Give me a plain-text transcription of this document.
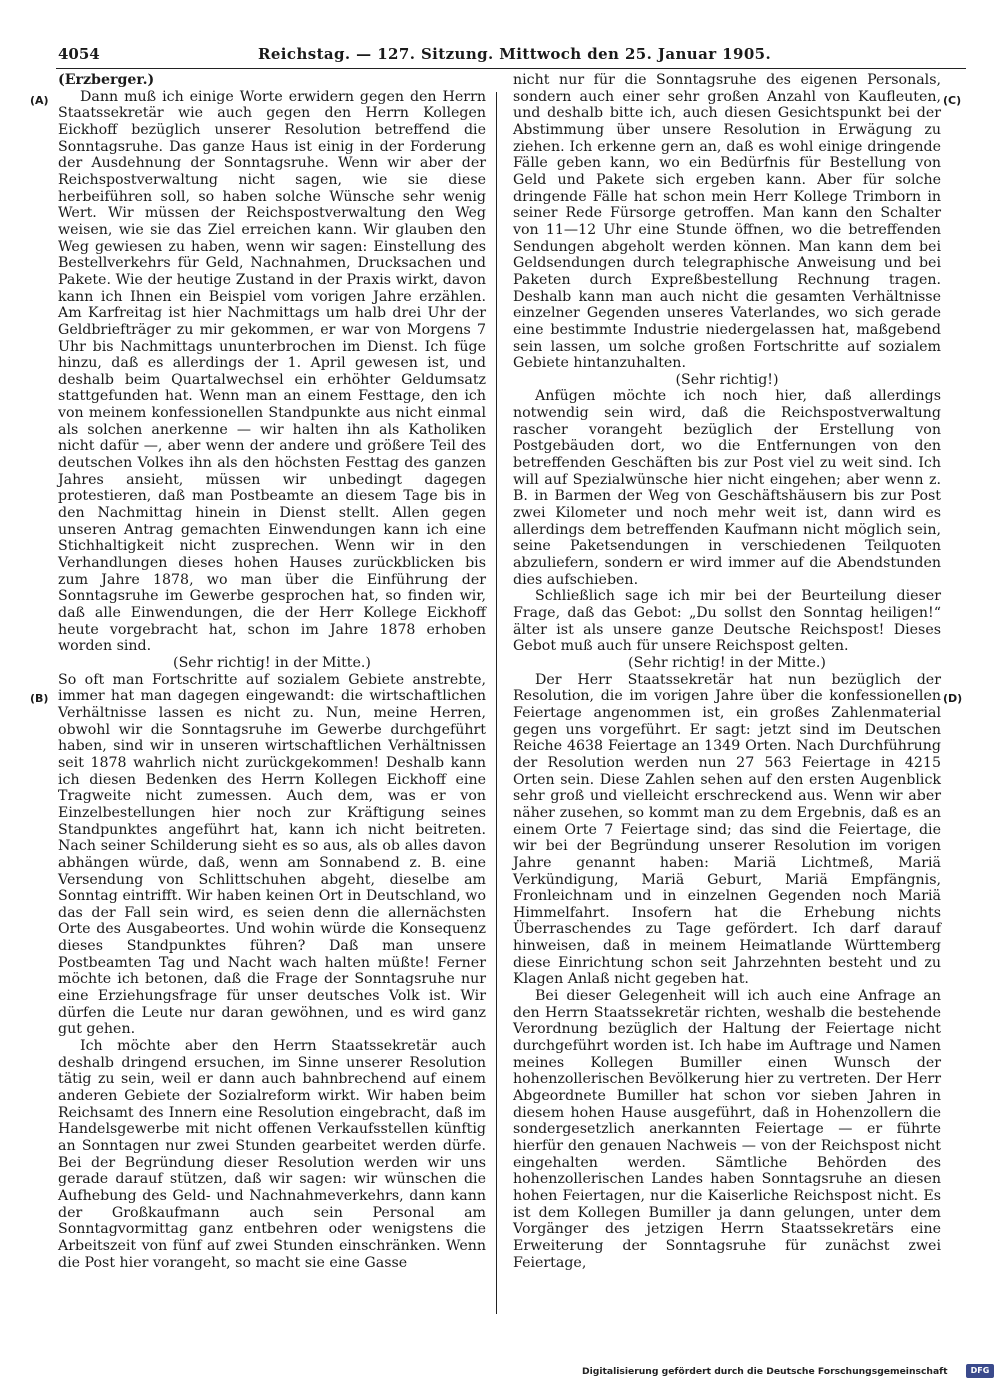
4054	Reichstag. — 127. Sitzung. Mittwoch den 25. Januar 1905.
(A)
(B)
(C)
(D)

(Erzberger.)

Dann muß ich einige Worte erwidern gegen den Herrn Staatssekretär wie auch gegen den Herrn Kollegen Eickhoff bezüglich unserer Resolution betreffend die Sonntagsruhe. Das ganze Haus ist einig in der Forderung der Ausdehnung der Sonntagsruhe. Wenn wir aber der Reichspostverwaltung nicht sagen, wie sie diese herbeiführen soll, so haben solche Wünsche sehr wenig Wert. Wir müssen der Reichspostverwaltung den Weg weisen, wie sie das Ziel erreichen kann. Wir glauben den Weg gewiesen zu haben, wenn wir sagen: Einstellung des Bestellverkehrs für Geld, Nachnahmen, Drucksachen und Pakete. Wie der heutige Zustand in der Praxis wirkt, davon kann ich Ihnen ein Beispiel vom vorigen Jahre erzählen. Am Karfreitag ist hier Nachmittags um halb drei Uhr der Geldbriefträger zu mir gekommen, er war von Morgens 7 Uhr bis Nachmittags ununterbrochen im Dienst. Ich füge hinzu, daß es allerdings der 1. April gewesen ist, und deshalb beim Quartalwechsel ein erhöhter Geldumsatz stattgefunden hat. Wenn man an einem Festtage, den ich von meinem konfessionellen Standpunkte aus nicht einmal als solchen anerkenne — wir halten ihn als Katholiken nicht dafür —, aber wenn der andere und größere Teil des deutschen Volkes ihn als den höchsten Festtag des ganzen Jahres ansieht, müssen wir unbedingt dagegen protestieren, daß man Postbeamte an diesem Tage bis in den Nachmittag hinein in Dienst stellt. Allen gegen unseren Antrag gemachten Einwendungen kann ich eine Stichhaltigkeit nicht zusprechen. Wenn wir in den Verhandlungen dieses hohen Hauses zurückblicken bis zum Jahre 1878, wo man über die Einführung der Sonntagsruhe im Gewerbe gesprochen hat, so finden wir, daß alle Einwendungen, die der Herr Kollege Eickhoff heute vorgebracht hat, schon im Jahre 1878 erhoben worden sind.

(Sehr richtig! in der Mitte.)

So oft man Fortschritte auf sozialem Gebiete anstrebte, immer hat man dagegen eingewandt: die wirtschaftlichen Verhältnisse lassen es nicht zu. Nun, meine Herren, obwohl wir die Sonntagsruhe im Gewerbe durchgeführt haben, sind wir in unseren wirtschaftlichen Verhältnissen seit 1878 wahrlich nicht zurückgekommen! Deshalb kann ich diesen Bedenken des Herrn Kollegen Eickhoff eine Tragweite nicht zumessen. Auch dem, was er von Einzelbestellungen hier noch zur Kräftigung seines Standpunktes angeführt hat, kann ich nicht beitreten. Nach seiner Schilderung sieht es so aus, als ob alles davon abhängen würde, daß, wenn am Sonnabend z. B. eine Versendung von Schlittschuhen abgeht, dieselbe am Sonntag eintrifft. Wir haben keinen Ort in Deutschland, wo das der Fall sein wird, es seien denn die allernächsten Orte des Ausgabeortes. Und wohin würde die Konsequenz dieses Standpunktes führen? Daß man unsere Postbeamten Tag und Nacht wach halten müßte! Ferner möchte ich betonen, daß die Frage der Sonntagsruhe nur eine Erziehungsfrage für unser deutsches Volk ist. Wir dürfen die Leute nur daran gewöhnen, und es wird ganz gut gehen.

Ich möchte aber den Herrn Staatssekretär auch deshalb dringend ersuchen, im Sinne unserer Resolution tätig zu sein, weil er dann auch bahnbrechend auf einem anderen Gebiete der Sozialreform wirkt. Wir haben beim Reichsamt des Innern eine Resolution eingebracht, daß im Handelsgewerbe mit nicht offenen Verkaufsstellen künftig an Sonntagen nur zwei Stunden gearbeitet werden dürfe. Bei der Begründung dieser Resolution werden wir uns gerade darauf stützen, daß wir sagen: wir wünschen die Aufhebung des Geld- und Nachnahmeverkehrs, dann kann der Großkaufmann auch sein Personal am Sonntagvormittag ganz entbehren oder wenigstens die Arbeitszeit von fünf auf zwei Stunden einschränken. Wenn die Post hier vorangeht, so macht sie eine Gasse

nicht nur für die Sonntagsruhe des eigenen Personals, sondern auch einer sehr großen Anzahl von Kaufleuten, und deshalb bitte ich, auch diesen Gesichtspunkt bei der Abstimmung über unsere Resolution in Erwägung zu ziehen. Ich erkenne gern an, daß es wohl einige dringende Fälle geben kann, wo ein Bedürfnis für Bestellung von Geld und Pakete sich ergeben kann. Aber für solche dringende Fälle hat schon mein Herr Kollege Trimborn in seiner Rede Fürsorge getroffen. Man kann den Schalter von 11—12 Uhr eine Stunde öffnen, wo die betreffenden Sendungen abgeholt werden können. Man kann dem bei Geldsendungen durch telegraphische Anweisung und bei Paketen durch Expreßbestellung Rechnung tragen. Deshalb kann man auch nicht die gesamten Verhältnisse einzelner Gegenden unseres Vaterlandes, wo sich gerade eine bestimmte Industrie niedergelassen hat, maßgebend sein lassen, um solche großen Fortschritte auf sozialem Gebiete hintanzuhalten.

(Sehr richtig!)

Anfügen möchte ich noch hier, daß allerdings notwendig sein wird, daß die Reichspostverwaltung rascher vorangeht bezüglich der Erstellung von Postgebäuden dort, wo die Entfernungen von den betreffenden Geschäften bis zur Post viel zu weit sind. Ich will auf Spezialwünsche hier nicht eingehen; aber wenn z. B. in Barmen der Weg von Geschäftshäusern bis zur Post zwei Kilometer und noch mehr weit ist, dann wird es allerdings dem betreffenden Kaufmann nicht möglich sein, seine Paketsendungen in verschiedenen Teilquoten abzuliefern, sondern er wird immer auf die Abendstunden dies aufschieben.

Schließlich sage ich mir bei der Beurteilung dieser Frage, daß das Gebot: „Du sollst den Sonntag heiligen!“ älter ist als unsere ganze Deutsche Reichspost! Dieses Gebot muß auch für unsere Reichspost gelten.

(Sehr richtig! in der Mitte.)

Der Herr Staatssekretär hat nun bezüglich der Resolution, die im vorigen Jahre über die konfessionellen Feiertage angenommen ist, ein großes Zahlenmaterial gegen uns vorgeführt. Er sagt: jetzt sind im Deutschen Reiche 4638 Feiertage an 1349 Orten. Nach Durchführung der Resolution werden nun 27 563 Feiertage in 4215 Orten sein. Diese Zahlen sehen auf den ersten Augenblick sehr groß und vielleicht erschreckend aus. Wenn wir aber näher zusehen, so kommt man zu dem Ergebnis, daß es an einem Orte 7 Feiertage sind; das sind die Feiertage, die wir bei der Begründung unserer Resolution im vorigen Jahre genannt haben: Mariä Lichtmeß, Mariä Verkündigung, Mariä Geburt, Mariä Empfängnis, Fronleichnam und in einzelnen Gegenden noch Mariä Himmelfahrt. Insofern hat die Erhebung nichts Überraschendes zu Tage gefördert. Ich darf darauf hinweisen, daß in meinem Heimatlande Württemberg diese Einrichtung schon seit Jahrzehnten besteht und zu Klagen Anlaß nicht gegeben hat.

Bei dieser Gelegenheit will ich auch eine Anfrage an den Herrn Staatssekretär richten, weshalb die bestehende Verordnung bezüglich der Haltung der Feiertage nicht durchgeführt worden ist. Ich habe im Auftrage und Namen meines Kollegen Bumiller einen Wunsch der hohenzollerischen Bevölkerung hier zu vertreten. Der Herr Abgeordnete Bumiller hat schon vor sieben Jahren in diesem hohen Hause ausgeführt, daß in Hohenzollern die sondergesetzlich anerkannten Feiertage — er führte hierfür den genauen Nachweis — von der Reichspost nicht eingehalten werden. Sämtliche Behörden des hohenzollerischen Landes haben Sonntagsruhe an diesen hohen Feiertagen, nur die Kaiserliche Reichspost nicht. Es ist dem Kollegen Bumiller ja dann gelungen, unter dem Vorgänger des jetzigen Herrn Staatssekretärs eine Erweiterung der Sonntagsruhe für zunächst zwei Feiertage,

Digitalisierung gefördert durch die Deutsche Forschungsgemeinschaft	DFG
